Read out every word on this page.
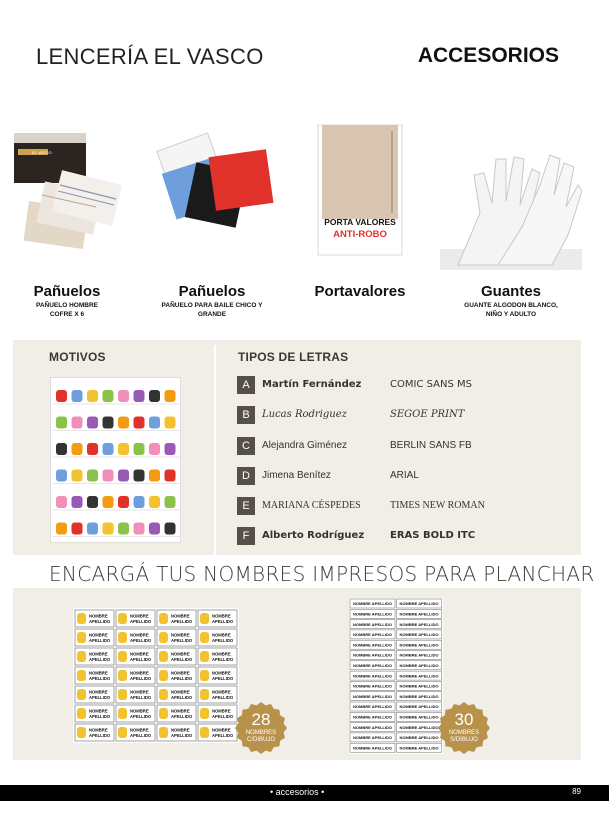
LENCERÍA EL VASCO	ACCESORIOS
EL VASCO
Pañuelos
PAÑUELO HOMBRE
COFRE X 6
Pañuelos
PAÑUELO PARA BAILE CHICO Y GRANDE
PORTA VALORES
ANTI-ROBO
Portavalores	Guantes
GUANTE ALGODON BLANCO,
NIÑO Y ADULTO
MOTIVOS	TIPOS DE LETRAS
A	Martín Fernández	COMIC SANS MS
B	Lucas Rodriguez	SEGOE PRINT
C	Alejandra Giménez	BERLIN SANS FB
D	Jimena Benítez	ARIAL
E	MARIANA CÉSPEDES	TIMES NEW ROMAN
F	Alberto Rodríguez	ERAS BOLD ITC
ENCARGÁ TUS NOMBRES IMPRESOS PARA PLANCHAR
NOMBRE
APELLIDO
NOMBRE
APELLIDO
NOMBRE
APELLIDO
NOMBRE
APELLIDO
NOMBRE
APELLIDO
NOMBRE
APELLIDO
NOMBRE
APELLIDO
NOMBRE
APELLIDO
NOMBRE
APELLIDO
NOMBRE
APELLIDO
NOMBRE
APELLIDO
NOMBRE
APELLIDO
NOMBRE
APELLIDO
NOMBRE
APELLIDO
NOMBRE
APELLIDO
NOMBRE
APELLIDO
NOMBRE
APELLIDO
NOMBRE
APELLIDO
NOMBRE
APELLIDO
NOMBRE
APELLIDO
NOMBRE
APELLIDO
NOMBRE
APELLIDO
NOMBRE
APELLIDO
NOMBRE
APELLIDO
NOMBRE
APELLIDO
NOMBRE
APELLIDO
NOMBRE
APELLIDO
NOMBRE
APELLIDO
NOMBRE APELLIDO NOMBRE APELLIDO
NOMBRE APELLIDO NOMBRE APELLIDO
NOMBRE APELLIDO NOMBRE APELLIDO
NOMBRE APELLIDO NOMBRE APELLIDO
NOMBRE APELLIDO NOMBRE APELLIDO
NOMBRE APELLIDO NOMBRE APELLIDO
NOMBRE APELLIDO NOMBRE APELLIDO
NOMBRE APELLIDO NOMBRE APELLIDO
NOMBRE APELLIDO NOMBRE APELLIDO
NOMBRE APELLIDO NOMBRE APELLIDO
NOMBRE APELLIDO NOMBRE APELLIDO
NOMBRE APELLIDO NOMBRE APELLIDO
NOMBRE APELLIDO NOMBRE APELLIDO
NOMBRE APELLIDO NOMBRE APELLIDO
NOMBRE APELLIDO NOMBRE APELLIDO
28
NOMBRES
C/DIBUJO
30
NOMBRES
S/DIBUJO
• accesorios •	89
